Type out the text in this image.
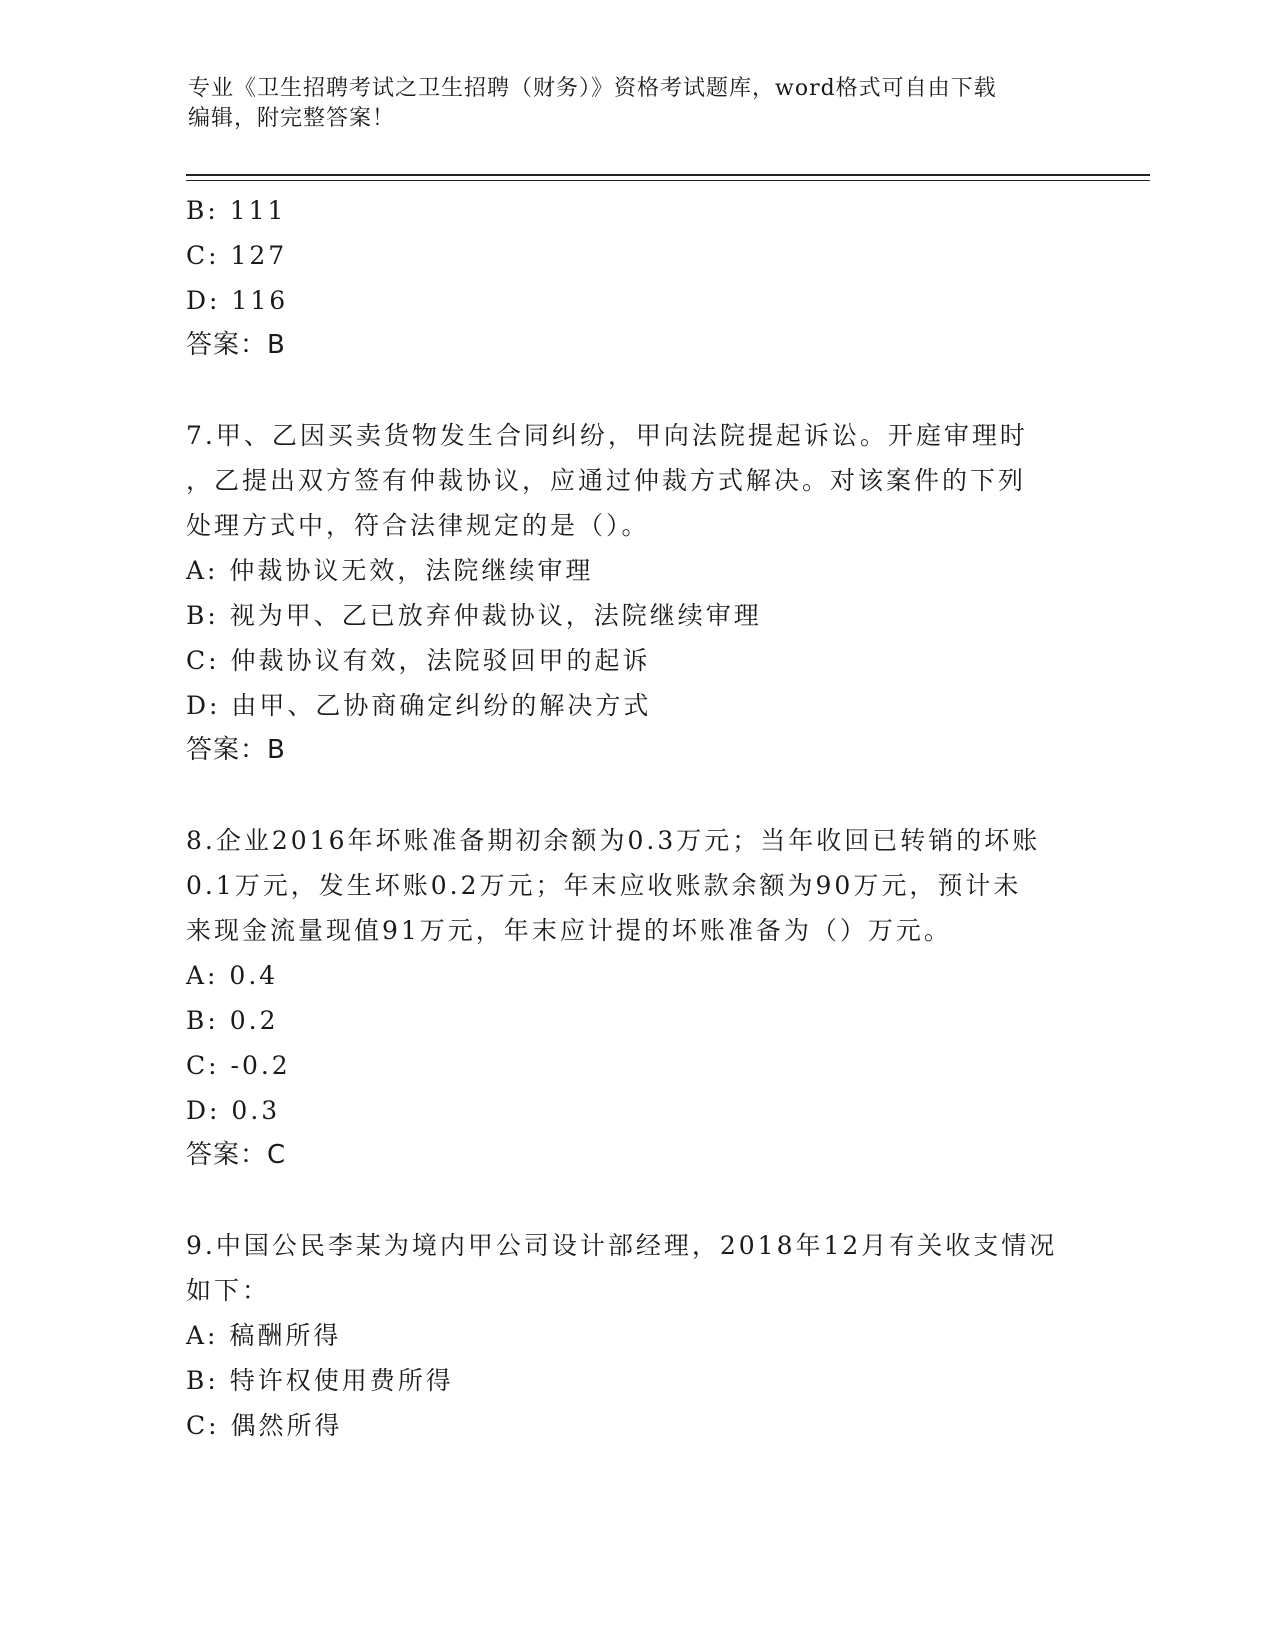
专业《卫生招聘考试之卫生招聘（财务）》资格考试题库，word格式可自由下载
编辑，附完整答案！
B: 111
C: 127
D: 116
答案：B
7.甲、乙因买卖货物发生合同纠纷，甲向法院提起诉讼。开庭审理时
，乙提出双方签有仲裁协议，应通过仲裁方式解决。对该案件的下列
处理方式中，符合法律规定的是（）。
A: 仲裁协议无效，法院继续审理
B: 视为甲、乙已放弃仲裁协议，法院继续审理
C: 仲裁协议有效，法院驳回甲的起诉
D: 由甲、乙协商确定纠纷的解决方式
答案：B
8.企业2016年坏账准备期初余额为0.3万元；当年收回已转销的坏账
0.1万元，发生坏账0.2万元；年末应收账款余额为90万元，预计未
来现金流量现值91万元，年末应计提的坏账准备为（）万元。
A: 0.4
B: 0.2
C: -0.2
D: 0.3
答案：C
9.中国公民李某为境内甲公司设计部经理，2018年12月有关收支情况
如下：
A: 稿酬所得
B: 特许权使用费所得
C: 偶然所得
